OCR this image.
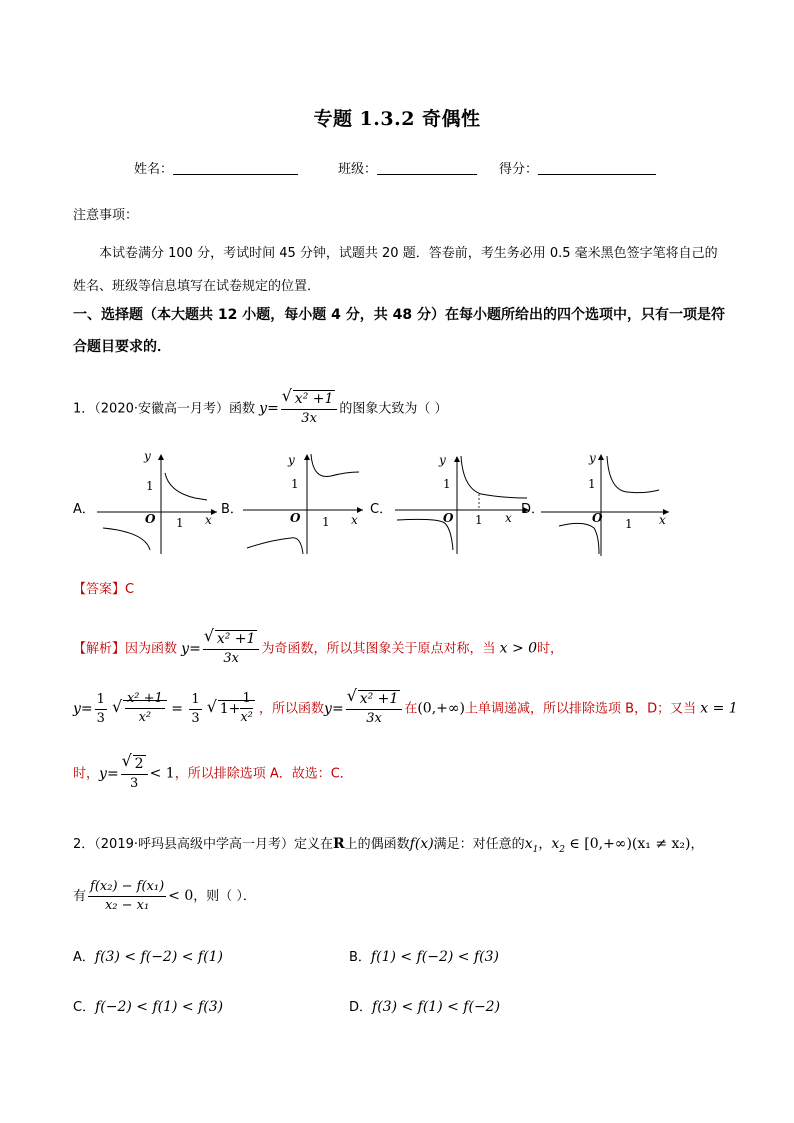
专题 1.3.2 奇偶性
姓名：	班级：	得分：
注意事项：
本试卷满分 100 分，考试时间 45 分钟，试题共 20 题．答卷前，考生务必用 0.5 毫米黑色签字笔将自己的姓名、班级等信息填写在试卷规定的位置．
一、选择题（本大题共 12 小题，每小题 4 分，共 48 分）在每小题所给出的四个选项中，只有一项是符合题目要求的．
1．（2020·安徽高一月考）函数 y= √ $\frac{\text{x² +1}}{3x}$ 的图象大致为（ ）
A．
y
x
O 1
1
B．
y
x
O 1
1
C．
y
x
O 1
1
D．
y
x
O 1
1
【答案】C
【解析】因为函数 y= √ $\frac{\text{x² +1}}{3x}$ 为奇函数，所以其图象关于原点对称，当 x > 0时，
$y= \frac{1}{3}$ √ $\frac{\text{x² +1}}{\text{x²}} = \frac{1}{3}$ √ $1+ \frac{1}{\text{x²}}$ ，所以函数y= √ $\frac{\text{x² +1}}{3x}$ 在(0,+∞)上单调递减，所以排除选项 B，D；又当 x = 1
时，y= √ $\frac{2}{3} < 1$，所以排除选项 A．故选：C．
2．（2019·呼玛县高级中学高一月考）定义在R上的偶函数f(x)满足：对任意的$x_1$，$x_2$ ∈ [0,+∞)(x₁ ≠ x₂)，
有 $\frac{\text{f(x₂) − f(x₁)}}{\text{x₂ − x₁}} < 0$，则（ ）．
A．f(3) < f(−2) < f(1)	B．f(1) < f(−2) < f(3)
C．f(−2) < f(1) < f(3)	D．f(3) < f(1) < f(−2)
